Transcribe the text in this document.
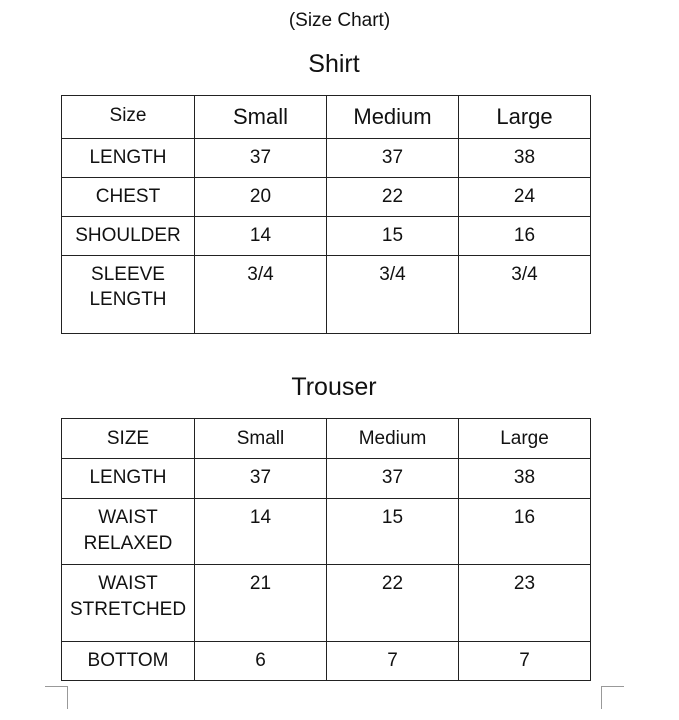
(Size Chart)
Shirt
Size	Small	Medium	Large
LENGTH	37	37	38
CHEST	20	22	24
SHOULDER	14	15	16
SLEEVE
LENGTH	3/4	3/4	3/4
Trouser
SIZE	Small	Medium	Large
LENGTH	37	37	38
WAIST
RELAXED	14	15	16
WAIST
STRETCHED	21	22	23
BOTTOM	6	7	7
